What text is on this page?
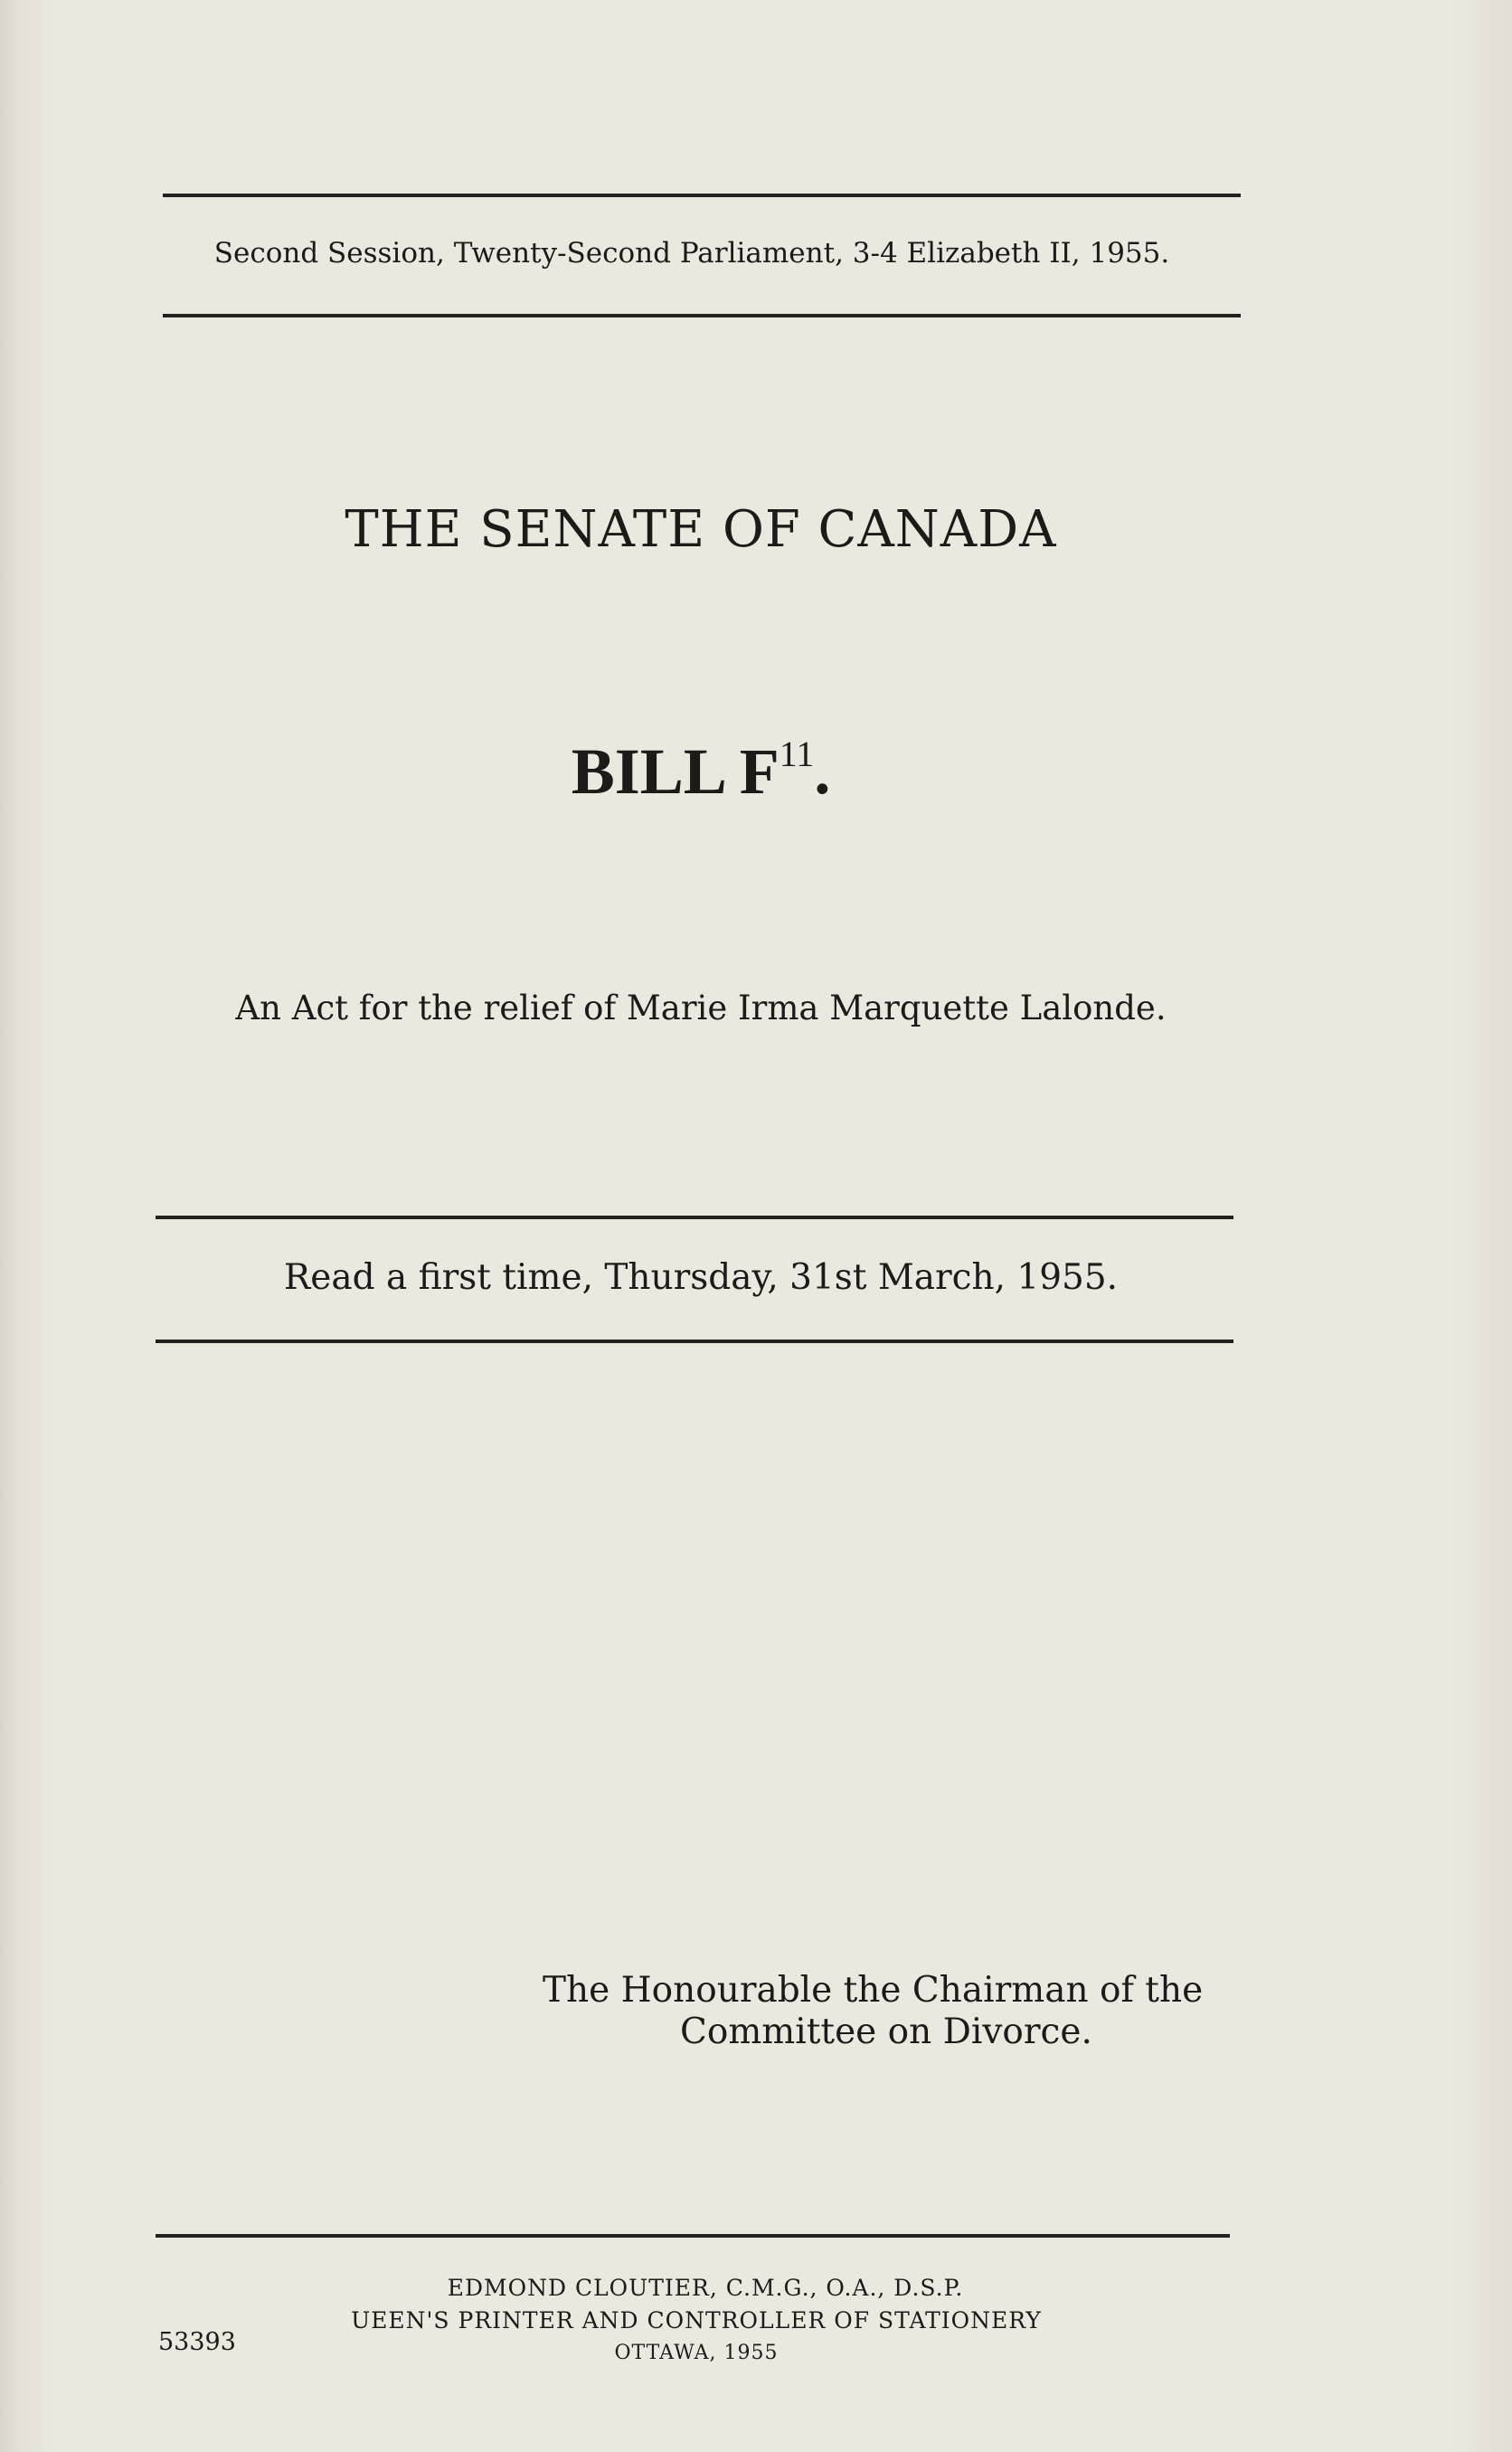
Second Session, Twenty-Second Parliament, 3-4 Elizabeth II, 1955.
THE SENATE OF CANADA
BILL $F^{11}$.
An Act for the relief of Marie Irma Marquette Lalonde.
Read a first time, Thursday, 31st March, 1955.
The Honourable the Chairman of the
Committee on Divorce.
EDMOND CLOUTIER, C.M.G., O.A., D.S.P.
UEEN'S PRINTER AND CONTROLLER OF STATIONERY
OTTAWA, 1955
53393
